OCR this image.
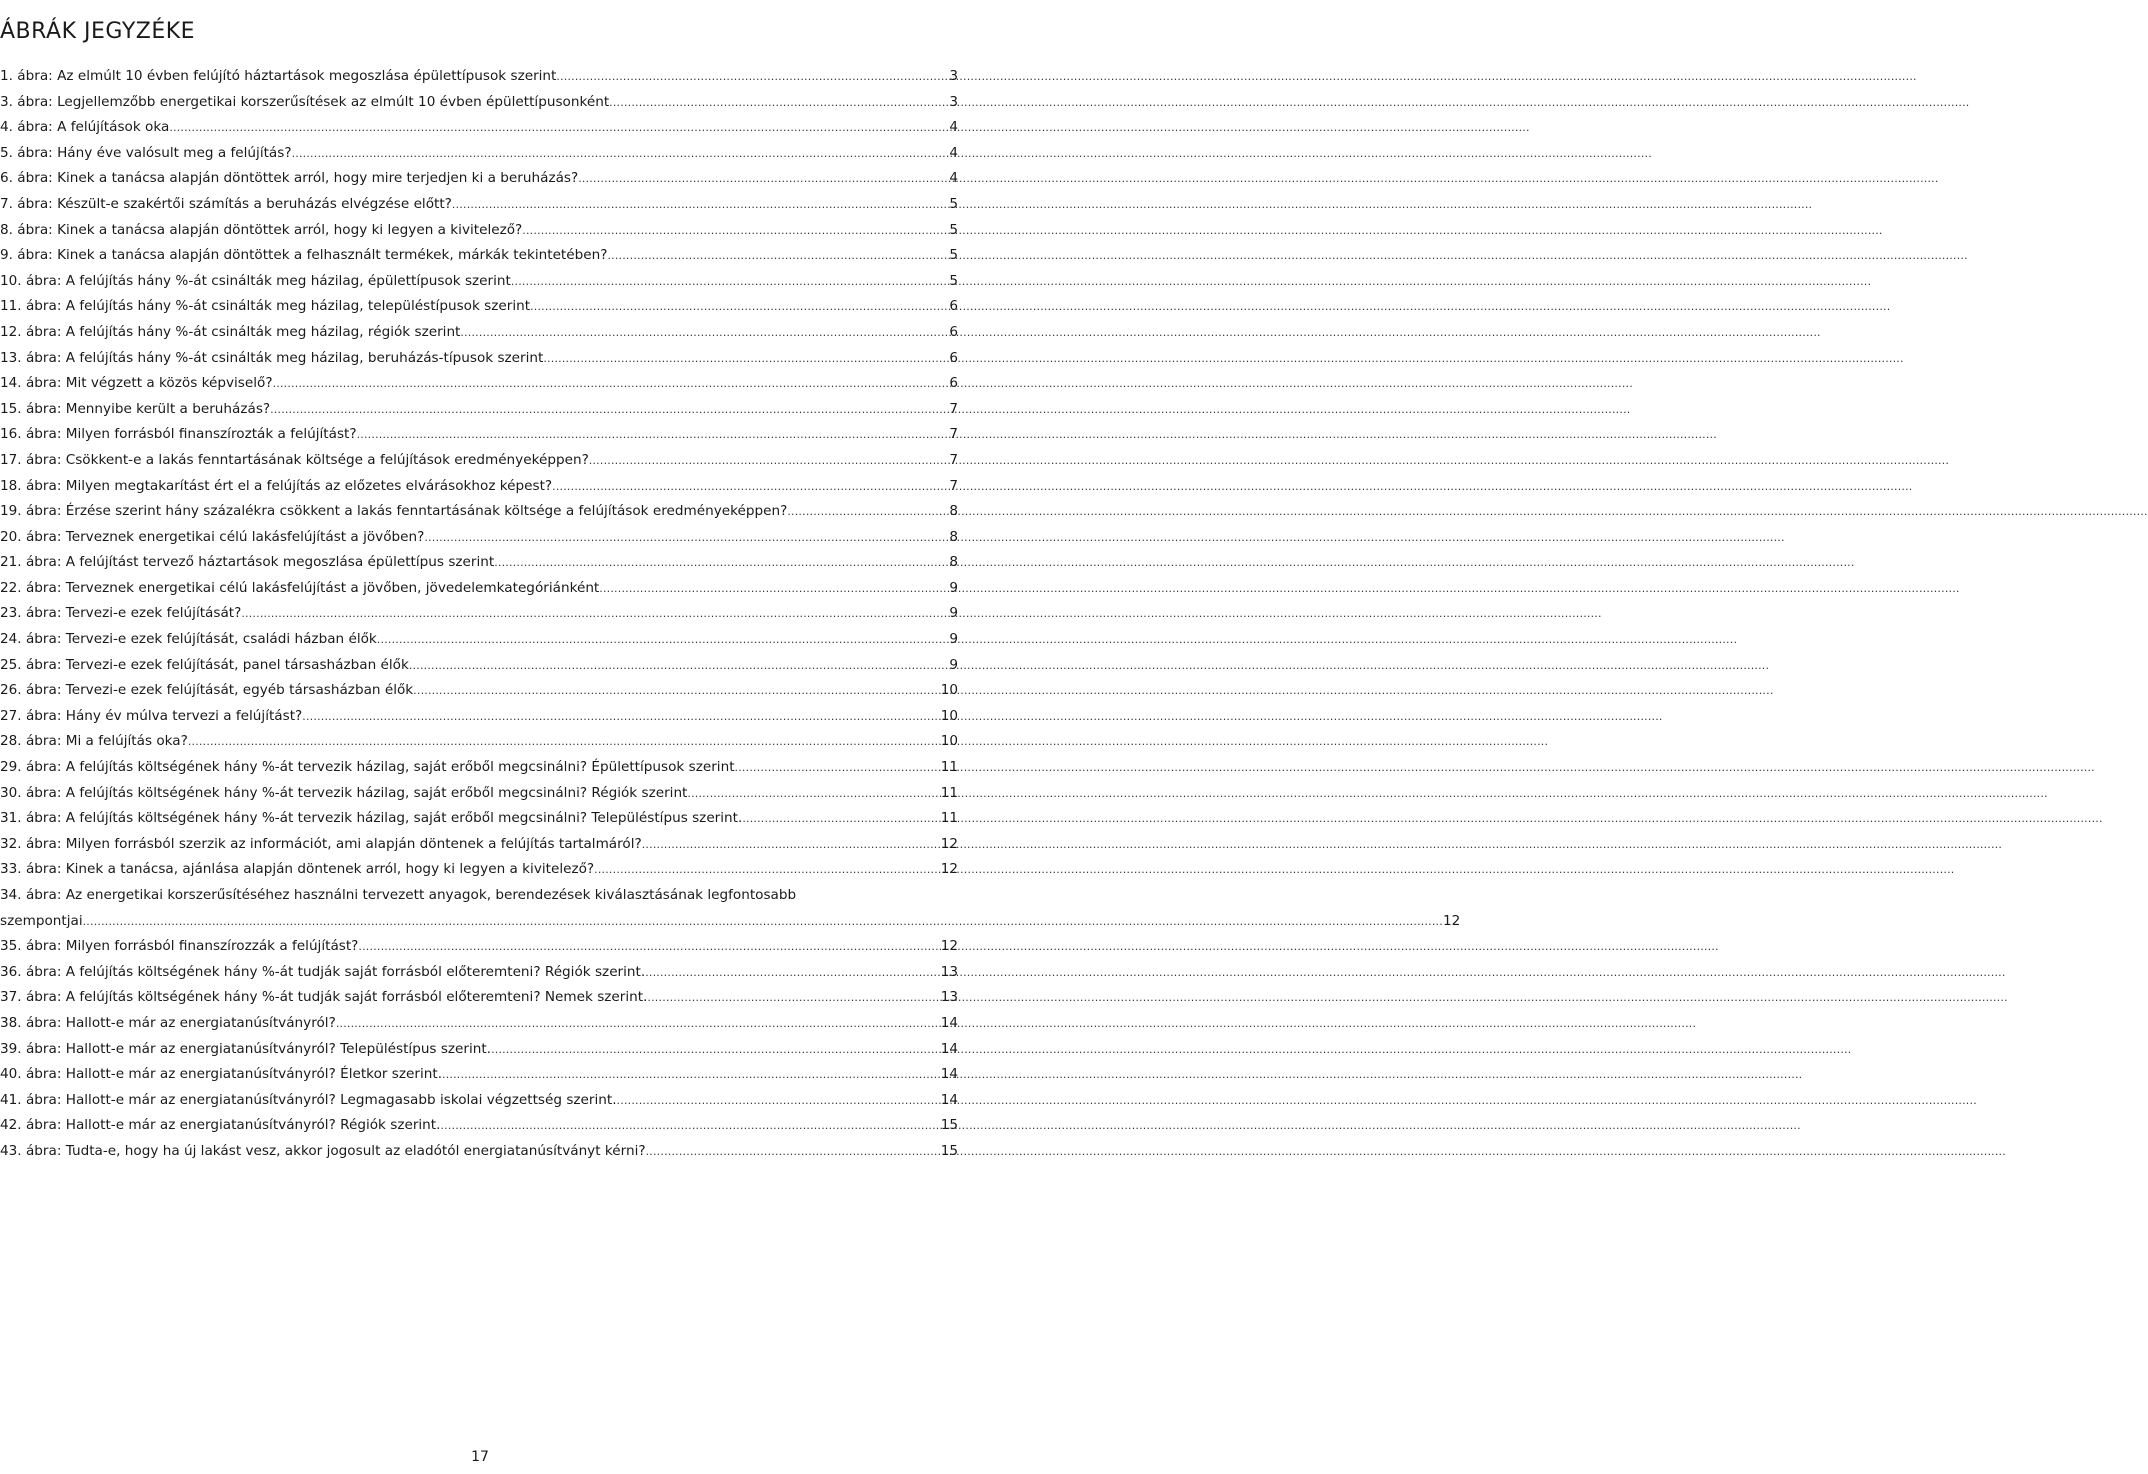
ÁBRÁK JEGYZÉKE
1. ábra: Az elmúlt 10 évben felújító háztartások megoszlása épülettípusok szerint .....	3
3. ábra: Legjellemzőbb energetikai korszerűsítések az elmúlt 10 évben épülettípusonként .....	3
4. ábra: A felújítások oka .....	4
5. ábra: Hány éve valósult meg a felújítás? .....	4
6. ábra: Kinek a tanácsa alapján döntöttek arról, hogy mire terjedjen ki a beruházás? .....	4
7. ábra: Készült-e szakértői számítás a beruházás elvégzése előtt? .....	5
8. ábra: Kinek a tanácsa alapján döntöttek arról, hogy ki legyen a kivitelező? .....	5
9. ábra: Kinek a tanácsa alapján döntöttek a felhasznált termékek, márkák tekintetében? .....	5
10. ábra: A felújítás hány %-át csinálták meg házilag, épülettípusok szerint .....	5
11. ábra: A felújítás hány %-át csinálták meg házilag, településtípusok szerint .....	6
12. ábra: A felújítás hány %-át csinálták meg házilag, régiók szerint .....	6
13. ábra: A felújítás hány %-át csinálták meg házilag, beruházás-típusok szerint .....	6
14. ábra: Mit végzett a közös képviselő? .....	6
15. ábra: Mennyibe került a beruházás? .....	7
16. ábra: Milyen forrásból finanszírozták a felújítást? .....	7
17. ábra: Csökkent-e a lakás fenntartásának költsége a felújítások eredményeképpen? .....	7
18. ábra: Milyen megtakarítást ért el a felújítás az előzetes elvárásokhoz képest? .....	7
19. ábra: Érzése szerint hány százalékra csökkent a lakás fenntartásának költsége a felújítások eredményeképpen? .....	8
20. ábra: Terveznek energetikai célú lakásfelújítást a jövőben? .....	8
21. ábra: A felújítást tervező háztartások megoszlása épülettípus szerint .....	8
22. ábra: Terveznek energetikai célú lakásfelújítást a jövőben, jövedelemkategóriánként .....	9
23. ábra: Tervezi-e ezek felújítását? .....	9
24. ábra: Tervezi-e ezek felújítását, családi házban élők .....	9
25. ábra: Tervezi-e ezek felújítását, panel társasházban élők .....	9
26. ábra: Tervezi-e ezek felújítását, egyéb társasházban élők .....	10
27. ábra: Hány év múlva tervezi a felújítást? .....	10
28. ábra: Mi a felújítás oka? .....	10
29. ábra: A felújítás költségének hány %-át tervezik házilag, saját erőből megcsinálni? Épülettípusok szerint .....	11
30. ábra: A felújítás költségének hány %-át tervezik házilag, saját erőből megcsinálni? Régiók szerint .....	11
31. ábra: A felújítás költségének hány %-át tervezik házilag, saját erőből megcsinálni? Településtípus szerint. .....	11
32. ábra: Milyen forrásból szerzik az információt, ami alapján döntenek a felújítás tartalmáról? .....	12
33. ábra: Kinek a tanácsa, ajánlása alapján döntenek arról, hogy ki legyen a kivitelező? .....	12
34. ábra: Az energetikai korszerűsítéséhez használni tervezett anyagok, berendezések kiválasztásának legfontosabb
szempontjai .....	12
35. ábra: Milyen forrásból finanszírozzák a felújítást? .....	12
36. ábra: A felújítás költségének hány %-át tudják saját forrásból előteremteni? Régiók szerint. .....	13
37. ábra: A felújítás költségének hány %-át tudják saját forrásból előteremteni? Nemek szerint. .....	13
38. ábra: Hallott-e már az energiatanúsítványról? .....	14
39. ábra: Hallott-e már az energiatanúsítványról? Településtípus szerint. .....	14
40. ábra: Hallott-e már az energiatanúsítványról? Életkor szerint. .....	14
41. ábra: Hallott-e már az energiatanúsítványról? Legmagasabb iskolai végzettség szerint. .....	14
42. ábra: Hallott-e már az energiatanúsítványról? Régiók szerint. .....	15
43. ábra: Tudta-e, hogy ha új lakást vesz, akkor jogosult az eladótól energiatanúsítványt kérni? .....	15
17
